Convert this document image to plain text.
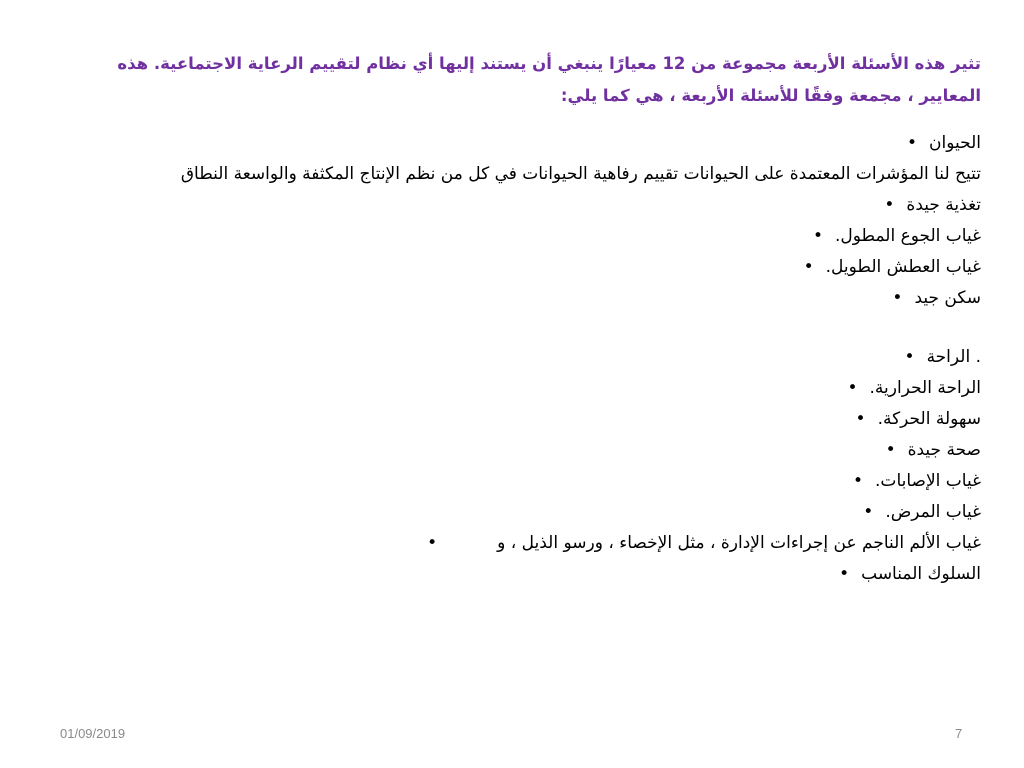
تثير هذه الأسئلة الأربعة مجموعة من 12 معيارًا ينبغي أن يستند إليها أي نظام لتقييم الرعاية الاجتماعية. هذه المعايير ، مجمعة وفقًا للأسئلة الأربعة ، هي كما يلي:

الحيوان•

تتيح لنا المؤشرات المعتمدة على الحيوانات تقييم رفاهية الحيوانات في كل من نظم الإنتاج المكثفة والواسعة النطاق

تغذية جيدة•

غياب الجوع المطول.•

غياب العطش الطويل.•

سكن جيد•

. الراحة•

الراحة الحرارية.•

سهولة الحركة.•

صحة جيدة•

غياب الإصابات.•

غياب المرض.•

غياب الألم الناجم عن إجراءات الإدارة ، مثل الإخصاء ، ورسو الذيل ، و•

السلوك المناسب•

01/09/2019	7
